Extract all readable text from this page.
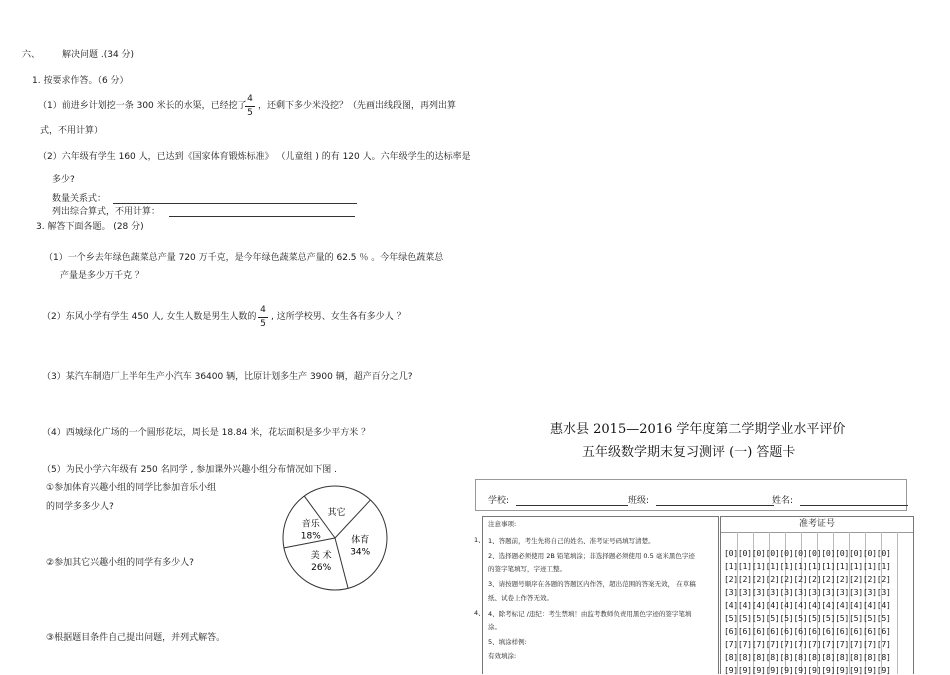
六、 解决问题 .(34 分)
1. 按要求作答。（6 分）
（1）前进乡计划挖一条 300 米长的水渠，已经挖了
4
5
，还剩下多少米没挖？（先画出线段图，再列出算
式，不用计算）
（2）六年级有学生 160 人，已达到《国家体育锻炼标准》 （儿童组 ) 的有 120 人。六年级学生的达标率是
多少?
数量关系式：
列出综合算式，不用计算：
3. 解答下面各题。 (28 分)
（1）一个乡去年绿色蔬菜总产量 720 万千克，是今年绿色蔬菜总产量的 62.5 ％ 。今年绿色蔬菜总
产量是多少万千克 ？
（2）东风小学有学生 450 人, 女生人数是男生人数的
4
5
, 这所学校男、女生各有多少人 ？
（3）某汽车制造厂上半年生产小汽车 36400 辆，比原计划多生产 3900 辆，超产百分之几?
（4）西城绿化广场的一个圆形花坛，周长是 18.84 米，花坛面积是多少平方米 ？
（5）为民小学六年级有 250 名同学 , 参加课外兴趣小组分布情况如下图 .
①参加体育兴趣小组的同学比参加音乐小组
的同学多多少人?
②参加其它兴趣小组的同学有多少人?
③根据题目条件自己提出问题，并列式解答。
体育
34%
美 术
26%
音乐
18%
其它
惠水县 2015—2016 学年度第二学期学业水平评价
五年级数学期末复习测评 (一) 答题卡
学校:	班级:	姓名:
注意事项:
1、答题前，考生先将自己的姓名、准考证号码填写清楚。
2、选择题必须使用 2B 铅笔填涂；非选择题必须使用 0.5 毫米黑色字迹
的签字笔填写，字迹工整。
3、请按题号顺序在各题的答题区内作答，超出范围的答案无效， 在草稿
纸、试卷上作答无效。
4、除考标记 /违纪：考生禁填！由监考教师负责用黑色字迹的签字笔填
涂。
5、填涂样例:
有效填涂:
1、
4、
准考证号
[0][0][0][0][0][0][0][0][0][0][0][0]
[1][1][1][1][1][1][1][1][1][1][1][1]
[2][2][2][2][2][2][2][2][2][2][2][2]
[3][3][3][3][3][3][3][3][3][3][3][3]
[4][4][4][4][4][4][4][4][4][4][4][4]
[5][5][5][5][5][5][5][5][5][5][5][5]
[6][6][6][6][6][6][6][6][6][6][6][6]
[7][7][7][7][7][7][7][7][7][7][7][7]
[8][8][8][8][8][8][8][8][8][8][8][8]
[9][9][9][9][9][9][9][9][9][9][9][9]
